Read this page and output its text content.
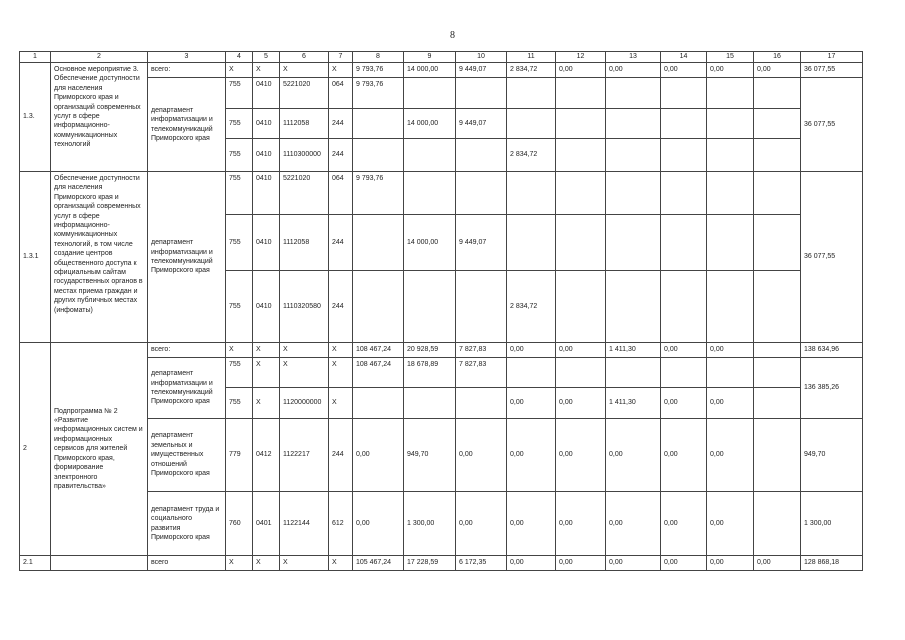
8
1	2	3	4	5	6	7	8	9	10	11	12	13	14	15	16	17
1.3.	Основное мероприятие 3. Обеспечение доступности для населения Приморского края и организаций современных услуг в сфере информационно-коммуникационных технологий	всего:	X	X	X	X	9 793,76	14 000,00	9 449,07	2 834,72	0,00	0,00	0,00	0,00	0,00	36 077,55
		департамент информатизации и телекоммуникаций Приморского края	755	0410	5221020	064	9 793,76									36 077,55
			755	0410	1112058	244		14 000,00	9 449,07							
			755	0410	1110300000	244				2 834,72						
1.3.1	Обеспечение доступности для населения Приморского края и организаций современных услуг в сфере информационно-коммуникационных технологий, в том числе создание центров общественного доступа к официальным сайтам государственных органов в местах приема граждан и других публичных местах (инфоматы)	департамент информатизации и телекоммуникаций Приморского края	755	0410	5221020	064	9 793,76									36 077,55
			755	0410	1112058	244		14 000,00	9 449,07							
			755	0410	1110320580	244				2 834,72						
2	Подпрограмма № 2 «Развитие информационных систем и информационных сервисов для жителей Приморского края, формирование электронного правительства»	всего:	X	X	X	X	108 467,24	20 928,59	7 827,83	0,00	0,00	1 411,30	0,00	0,00		138 634,96
		департамент информатизации и телекоммуникаций Приморского края	755	X	X	X	108 467,24	18 678,89	7 827,83							136 385,26
			755	X	1120000000	X				0,00	0,00	1 411,30	0,00	0,00		
		департамент земельных и имущественных отношений Приморского края	779	0412	1122217	244	0,00	949,70	0,00	0,00	0,00	0,00	0,00	0,00		949,70
		департамент труда и социального развития Приморского края	760	0401	1122144	612	0,00	1 300,00	0,00	0,00	0,00	0,00	0,00	0,00		1 300,00
2.1		всего	X	X	X	X	105 467,24	17 228,59	6 172,35	0,00	0,00	0,00	0,00	0,00	0,00	128 868,18
